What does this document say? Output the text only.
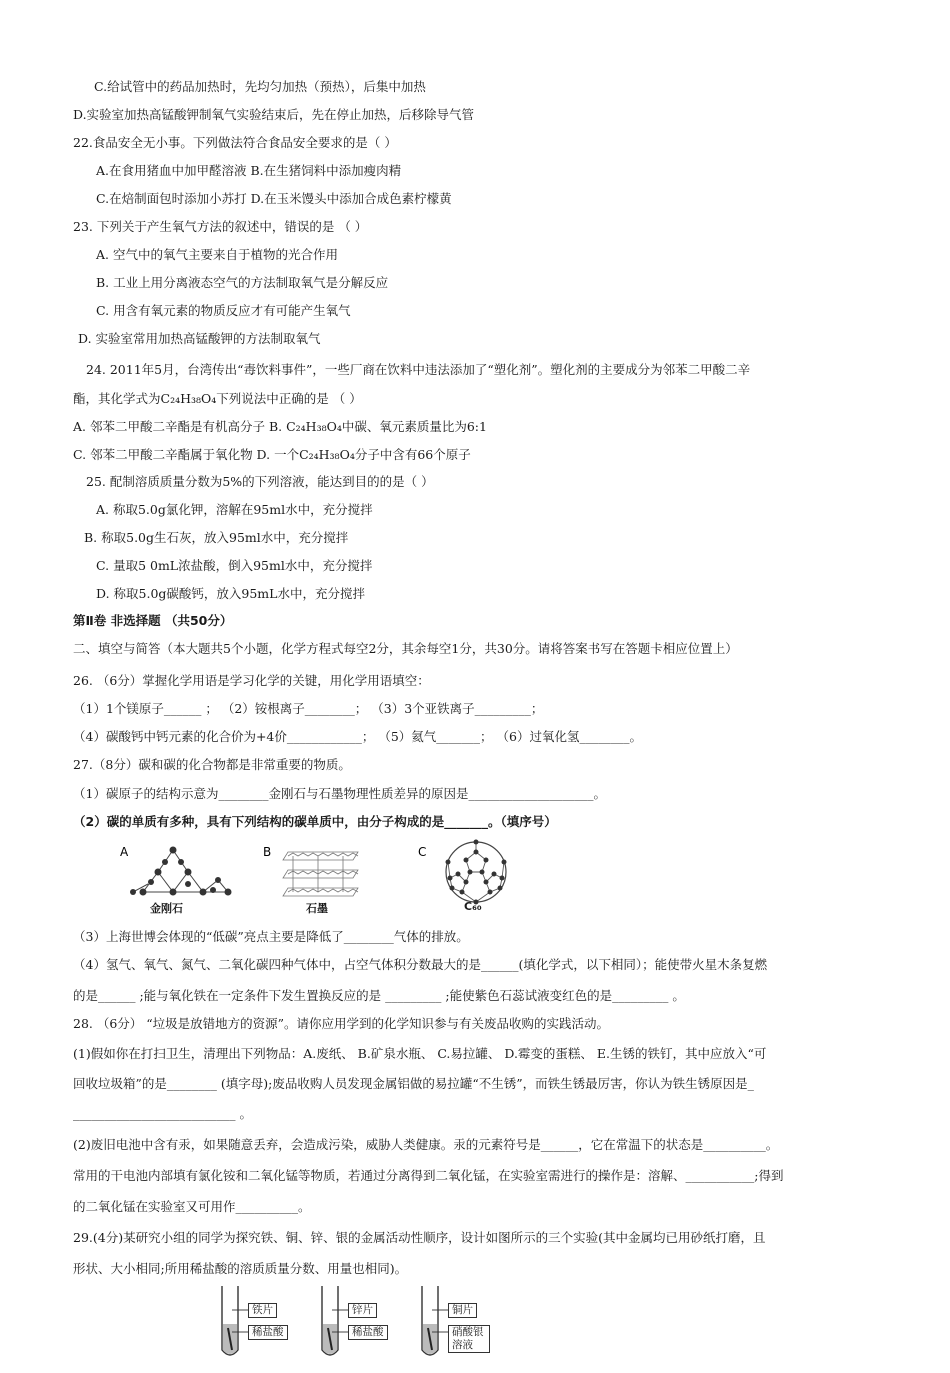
C.给试管中的药品加热时，先均匀加热（预热），后集中加热
D.实验室加热高锰酸钾制氧气实验结束后，先在停止加热，后移除导气管
22.食品安全无小事。下列做法符合食品安全要求的是（ ）
A.在食用猪血中加甲醛溶液 B.在生猪饲料中添加瘦肉精
C.在焙制面包时添加小苏打 D.在玉米馒头中添加合成色素柠檬黄
23. 下列关于产生氧气方法的叙述中，错误的是 （ ）
A. 空气中的氧气主要来自于植物的光合作用
B. 工业上用分离液态空气的方法制取氧气是分解反应
C. 用含有氧元素的物质反应才有可能产生氧气
D. 实验室常用加热高锰酸钾的方法制取氧气
24. 2011年5月，台湾传出“毒饮料事件”，一些厂商在饮料中违法添加了“塑化剂”。塑化剂的主要成分为邻苯二甲酸二辛
酯，其化学式为C₂₄H₃₈O₄下列说法中正确的是 （ ）
A. 邻苯二甲酸二辛酯是有机高分子 B. C₂₄H₃₈O₄中碳、氧元素质量比为6:1
C. 邻苯二甲酸二辛酯属于氧化物 D. 一个C₂₄H₃₈O₄分子中含有66个原子
25. 配制溶质质量分数为5%的下列溶液，能达到目的的是（ ）
A. 称取5.0g氯化钾，溶解在95ml水中，充分搅拌
B. 称取5.0g生石灰，放入95ml水中，充分搅拌
C. 量取5 0mL浓盐酸，倒入95ml水中，充分搅拌
D. 称取5.0g碳酸钙，放入95mL水中，充分搅拌
第Ⅱ卷 非选择题 （共50分）
二、填空与简答（本大题共5个小题，化学方程式每空2分，其余每空1分，共30分。请将答案书写在答题卡相应位置上）
26. （6分）掌握化学用语是学习化学的关键，用化学用语填空：
（1）1个镁原子______ ； （2）铵根离子________； （3）3个亚铁离子_________；
（4）碳酸钙中钙元素的化合价为+4价____________； （5）氦气_______； （6）过氧化氢________。
27.（8分）碳和碳的化合物都是非常重要的物质。
（1）碳原子的结构示意为________金刚石与石墨物理性质差异的原因是____________________。
（2）碳的单质有多种，具有下列结构的碳单质中，由分子构成的是_______。（填序号）
A	B	C
金刚石	石墨	C₆₀
（3）上海世博会体现的“低碳”亮点主要是降低了________气体的排放。
（4）氢气、氧气、氮气、二氧化碳四种气体中，占空气体积分数最大的是______(填化学式，以下相同）；能使带火星木条复燃
的是______ ;能与氧化铁在一定条件下发生置换反应的是 _________ ;能使紫色石蕊试液变红色的是_________ 。
28. （6分） “垃圾是放错地方的资源”。请你应用学到的化学知识参与有关废品收购的实践活动。
(1)假如你在打扫卫生，清理出下列物品：A.废纸、 B.矿泉水瓶、 C.易拉罐、 D.霉变的蛋糕、 E.生锈的铁钉，其中应放入“可
回收垃圾箱”的是________ (填字母);废品收购人员发现金属铝做的易拉罐“不生锈”，而铁生锈最厉害，你认为铁生锈原因是_
__________________________ 。
(2)废旧电池中含有汞，如果随意丢弃，会造成污染，威胁人类健康。汞的元素符号是______，它在常温下的状态是__________。
常用的干电池内部填有氯化铵和二氧化锰等物质，若通过分离得到二氧化锰，在实验室需进行的操作是：溶解、___________;得到
的二氧化锰在实验室又可用作__________。
29.(4分)某研究小组的同学为探究铁、铜、锌、银的金属活动性顺序，设计如图所示的三个实验(其中金属均已用砂纸打磨，且
形状、大小相同;所用稀盐酸的溶质质量分数、用量也相同)。
铁片
稀盐酸
锌片
稀盐酸
铜片
硝酸银溶液
